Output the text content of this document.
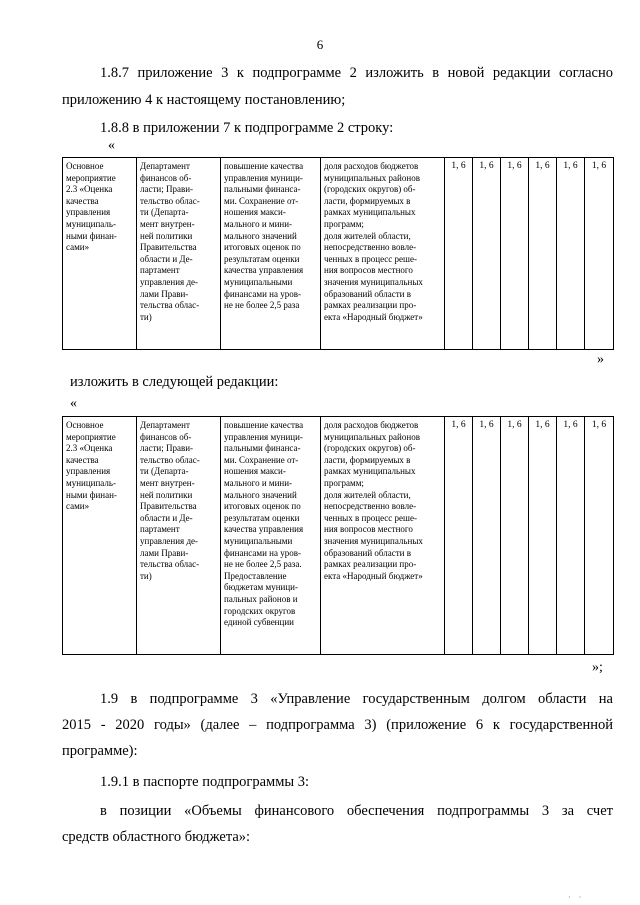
6
1.8.7 приложение 3 к подпрограмме 2 изложить в новой редакции согласно
приложению 4 к настоящему постановлению;
1.8.8 в приложении 7 к подпрограмме 2 строку:
«
Основное
мероприятие
2.3 «Оценка
качества
управления
муниципаль-
ными финан-
сами»

Департамент
финансов об-
ласти; Прави-
тельство облас-
ти (Департа-
мент внутрен-
ней политики
Правительства
области и Де-
партамент
управления де-
лами Прави-
тельства облас-
ти)

повышение качества
управления муници-
пальными финанса-
ми. Сохранение от-
ношения макси-
мального и мини-
мального значений
итоговых оценок по
результатам оценки
качества управления
муниципальными
финансами на уров-
не не более 2,5 раза

доля расходов бюджетов
муниципальных районов
(городских округов) об-
ласти, формируемых в
рамках муниципальных
программ;
доля жителей области,
непосредственно вовле-
ченных в процесс реше-
ния вопросов местного
значения муниципальных
образований области в
рамках реализации про-
екта «Народный бюджет»
	1, 6	1, 6	1, 6	1, 6	1, 6	1, 6
»
изложить в следующей редакции:
«
Основное
мероприятие
2.3 «Оценка
качества
управления
муниципаль-
ными финан-
сами»

Департамент
финансов об-
ласти; Прави-
тельство облас-
ти (Департа-
мент внутрен-
ней политики
Правительства
области и Де-
партамент
управления де-
лами Прави-
тельства облас-
ти)

повышение качества
управления муници-
пальными финанса-
ми. Сохранение от-
ношения макси-
мального и мини-
мального значений
итоговых оценок по
результатам оценки
качества управления
муниципальными
финансами на уров-
не не более 2,5 раза.
Предоставление
бюджетам муници-
пальных районов и
городских округов
единой субвенции

доля расходов бюджетов
муниципальных районов
(городских округов) об-
ласти, формируемых в
рамках муниципальных
программ;
доля жителей области,
непосредственно вовле-
ченных в процесс реше-
ния вопросов местного
значения муниципальных
образований области в
рамках реализации про-
екта «Народный бюджет»
	1, 6	1, 6	1, 6	1, 6	1, 6	1, 6
»;
1.9 в подпрограмме 3 «Управление государственным долгом области на
2015 - 2020 годы» (далее – подпрограмма 3) (приложение 6 к государственной
программе):
1.9.1 в паспорте подпрограммы 3:
в позиции «Объемы финансового обеспечения подпрограммы 3 за счет
средств областного бюджета»:
· ·
